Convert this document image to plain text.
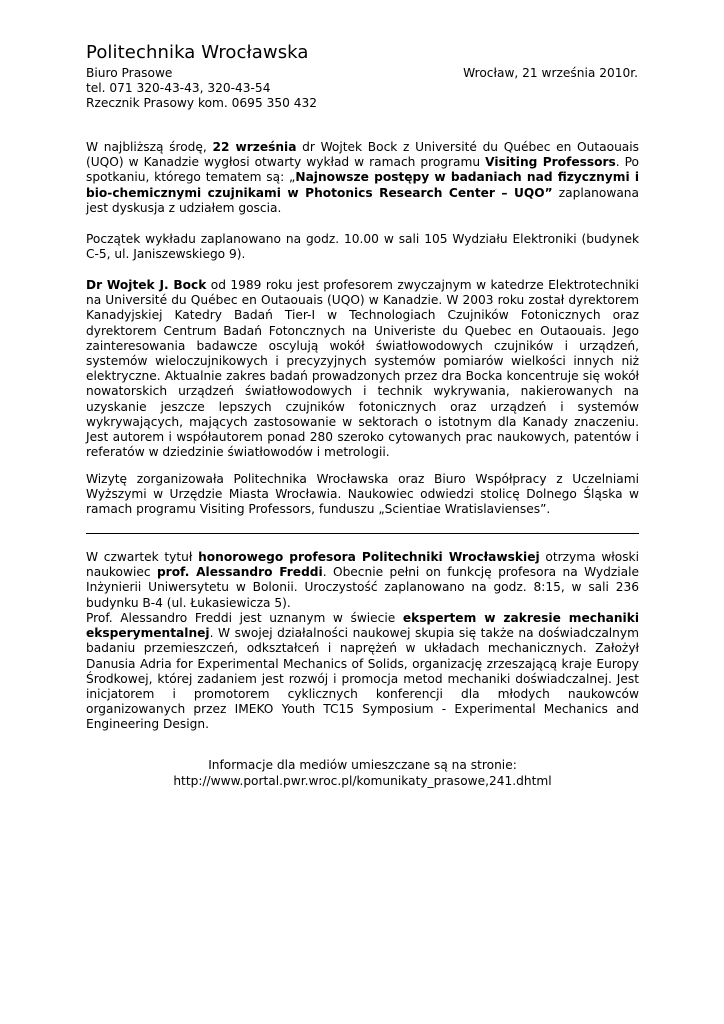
Politechnika Wrocławska
Biuro Prasowe	Wrocław, 21 września 2010r.
tel. 071 320-43-43, 320-43-54
Rzecznik Prasowy kom. 0695 350 432
W najbliższą środę, 22 września dr Wojtek Bock z Université du Québec en Outaouais (UQO) w Kanadzie wygłosi otwarty wykład w ramach programu Visiting Professors. Po spotkaniu, którego tematem są: „Najnowsze postępy w badaniach nad fizycznymi i bio-chemicznymi czujnikami w Photonics Research Center – UQO” zaplanowana jest dyskusja z udziałem goscia.
Początek wykładu zaplanowano na godz. 10.00 w sali 105 Wydziału Elektroniki (budynek C-5, ul. Janiszewskiego 9).
Dr Wojtek J. Bock od 1989 roku jest profesorem zwyczajnym w katedrze Elektrotechniki na Université du Québec en Outaouais (UQO) w Kanadzie. W 2003 roku został dyrektorem Kanadyjskiej Katedry Badań Tier-I w Technologiach Czujników Fotonicznych oraz dyrektorem Centrum Badań Fotoncznych na Univeriste du Quebec en Outaouais. Jego zainteresowania badawcze oscylują wokół światłowodowych czujników i urządzeń, systemów wieloczujnikowych i precyzyjnych systemów pomiarów wielkości innych niż elektryczne. Aktualnie zakres badań prowadzonych przez dra Bocka koncentruje się wokół nowatorskich urządzeń światłowodowych i technik wykrywania, nakierowanych na uzyskanie jeszcze lepszych czujników fotonicznych oraz urządzeń i systemów wykrywających, mających zastosowanie w sektorach o istotnym dla Kanady znaczeniu. Jest autorem i współautorem ponad 280 szeroko cytowanych prac naukowych, patentów i referatów w dziedzinie światłowodów i metrologii.
Wizytę zorganizowała Politechnika Wrocławska oraz Biuro Współpracy z Uczelniami Wyższymi w Urzędzie Miasta Wrocławia. Naukowiec odwiedzi stolicę Dolnego Śląska w ramach programu Visiting Professors, funduszu „Scientiae Wratislavienses”.
W czwartek tytuł honorowego profesora Politechniki Wrocławskiej otrzyma włoski naukowiec prof. Alessandro Freddi. Obecnie pełni on funkcję profesora na Wydziale Inżynierii Uniwersytetu w Bolonii. Uroczystość zaplanowano na godz. 8:15, w sali 236 budynku B-4 (ul. Łukasiewicza 5).
Prof. Alessandro Freddi jest uznanym w świecie ekspertem w zakresie mechaniki eksperymentalnej. W swojej działalności naukowej skupia się także na doświadczalnym badaniu przemieszczeń, odkształceń i naprężeń w układach mechanicznych. Założył Danusia Adria for Experimental Mechanics of Solids, organizację zrzeszającą kraje Europy Środkowej, której zadaniem jest rozwój i promocja metod mechaniki doświadczalnej. Jest inicjatorem i promotorem cyklicznych konferencji dla młodych naukowców organizowanych przez IMEKO Youth TC15 Symposium - Experimental Mechanics and Engineering Design.
Informacje dla mediów umieszczane są na stronie:
http://www.portal.pwr.wroc.pl/komunikaty_prasowe,241.dhtml
